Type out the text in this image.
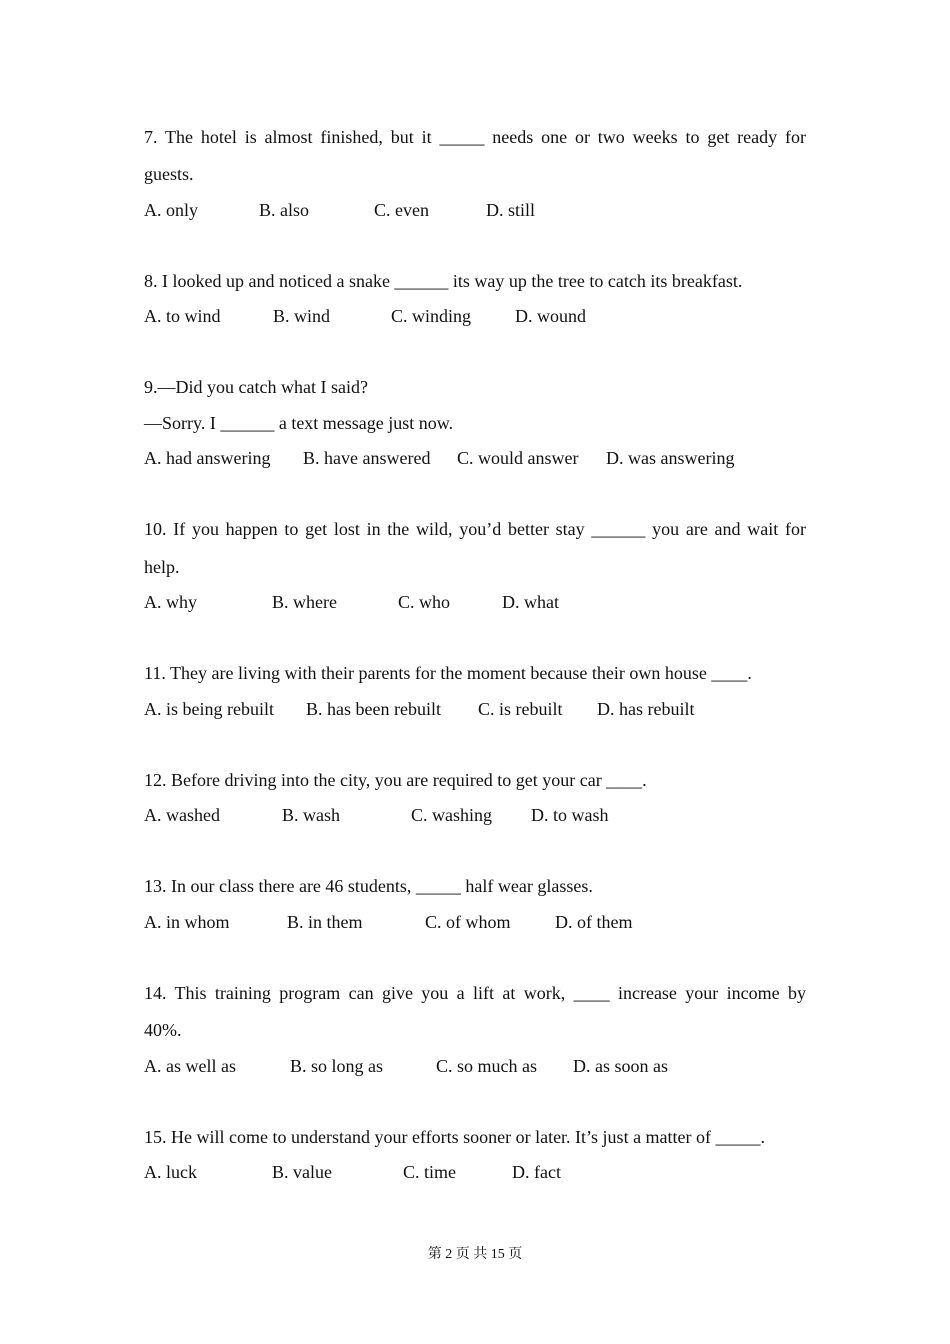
7. The hotel is almost finished, but it _____ needs one or two weeks to get ready for
guests.
A. only	B. also	C. even	D. still
8. I looked up and noticed a snake ______ its way up the tree to catch its breakfast.
A. to wind	B. wind	C. winding D. wound
9.—Did you catch what I said?
—Sorry. I ______ a text message just now.
A. had answering B. have answered C. would answer D. was answering
10. If you happen to get lost in the wild, you’d better stay ______ you are and wait for
help.
A. why	B. where	C. who	D. what
11. They are living with their parents for the moment because their own house ____.
A. is being rebuilt B. has been rebuilt C. is rebuilt D. has rebuilt
12. Before driving into the city, you are required to get your car ____.
A. washed	B. wash	C. washing D. to wash
13. In our class there are 46 students, _____ half wear glasses.
A. in whom	B. in them	C. of whom D. of them
14. This training program can give you a lift at work, ____ increase your income by
40%.
A. as well as	B. so long as	C. so much as D. as soon as
15. He will come to understand your efforts sooner or later. It’s just a matter of _____.
A. luck	B. value	C. time	D. fact
第 2 页 共 15 页
